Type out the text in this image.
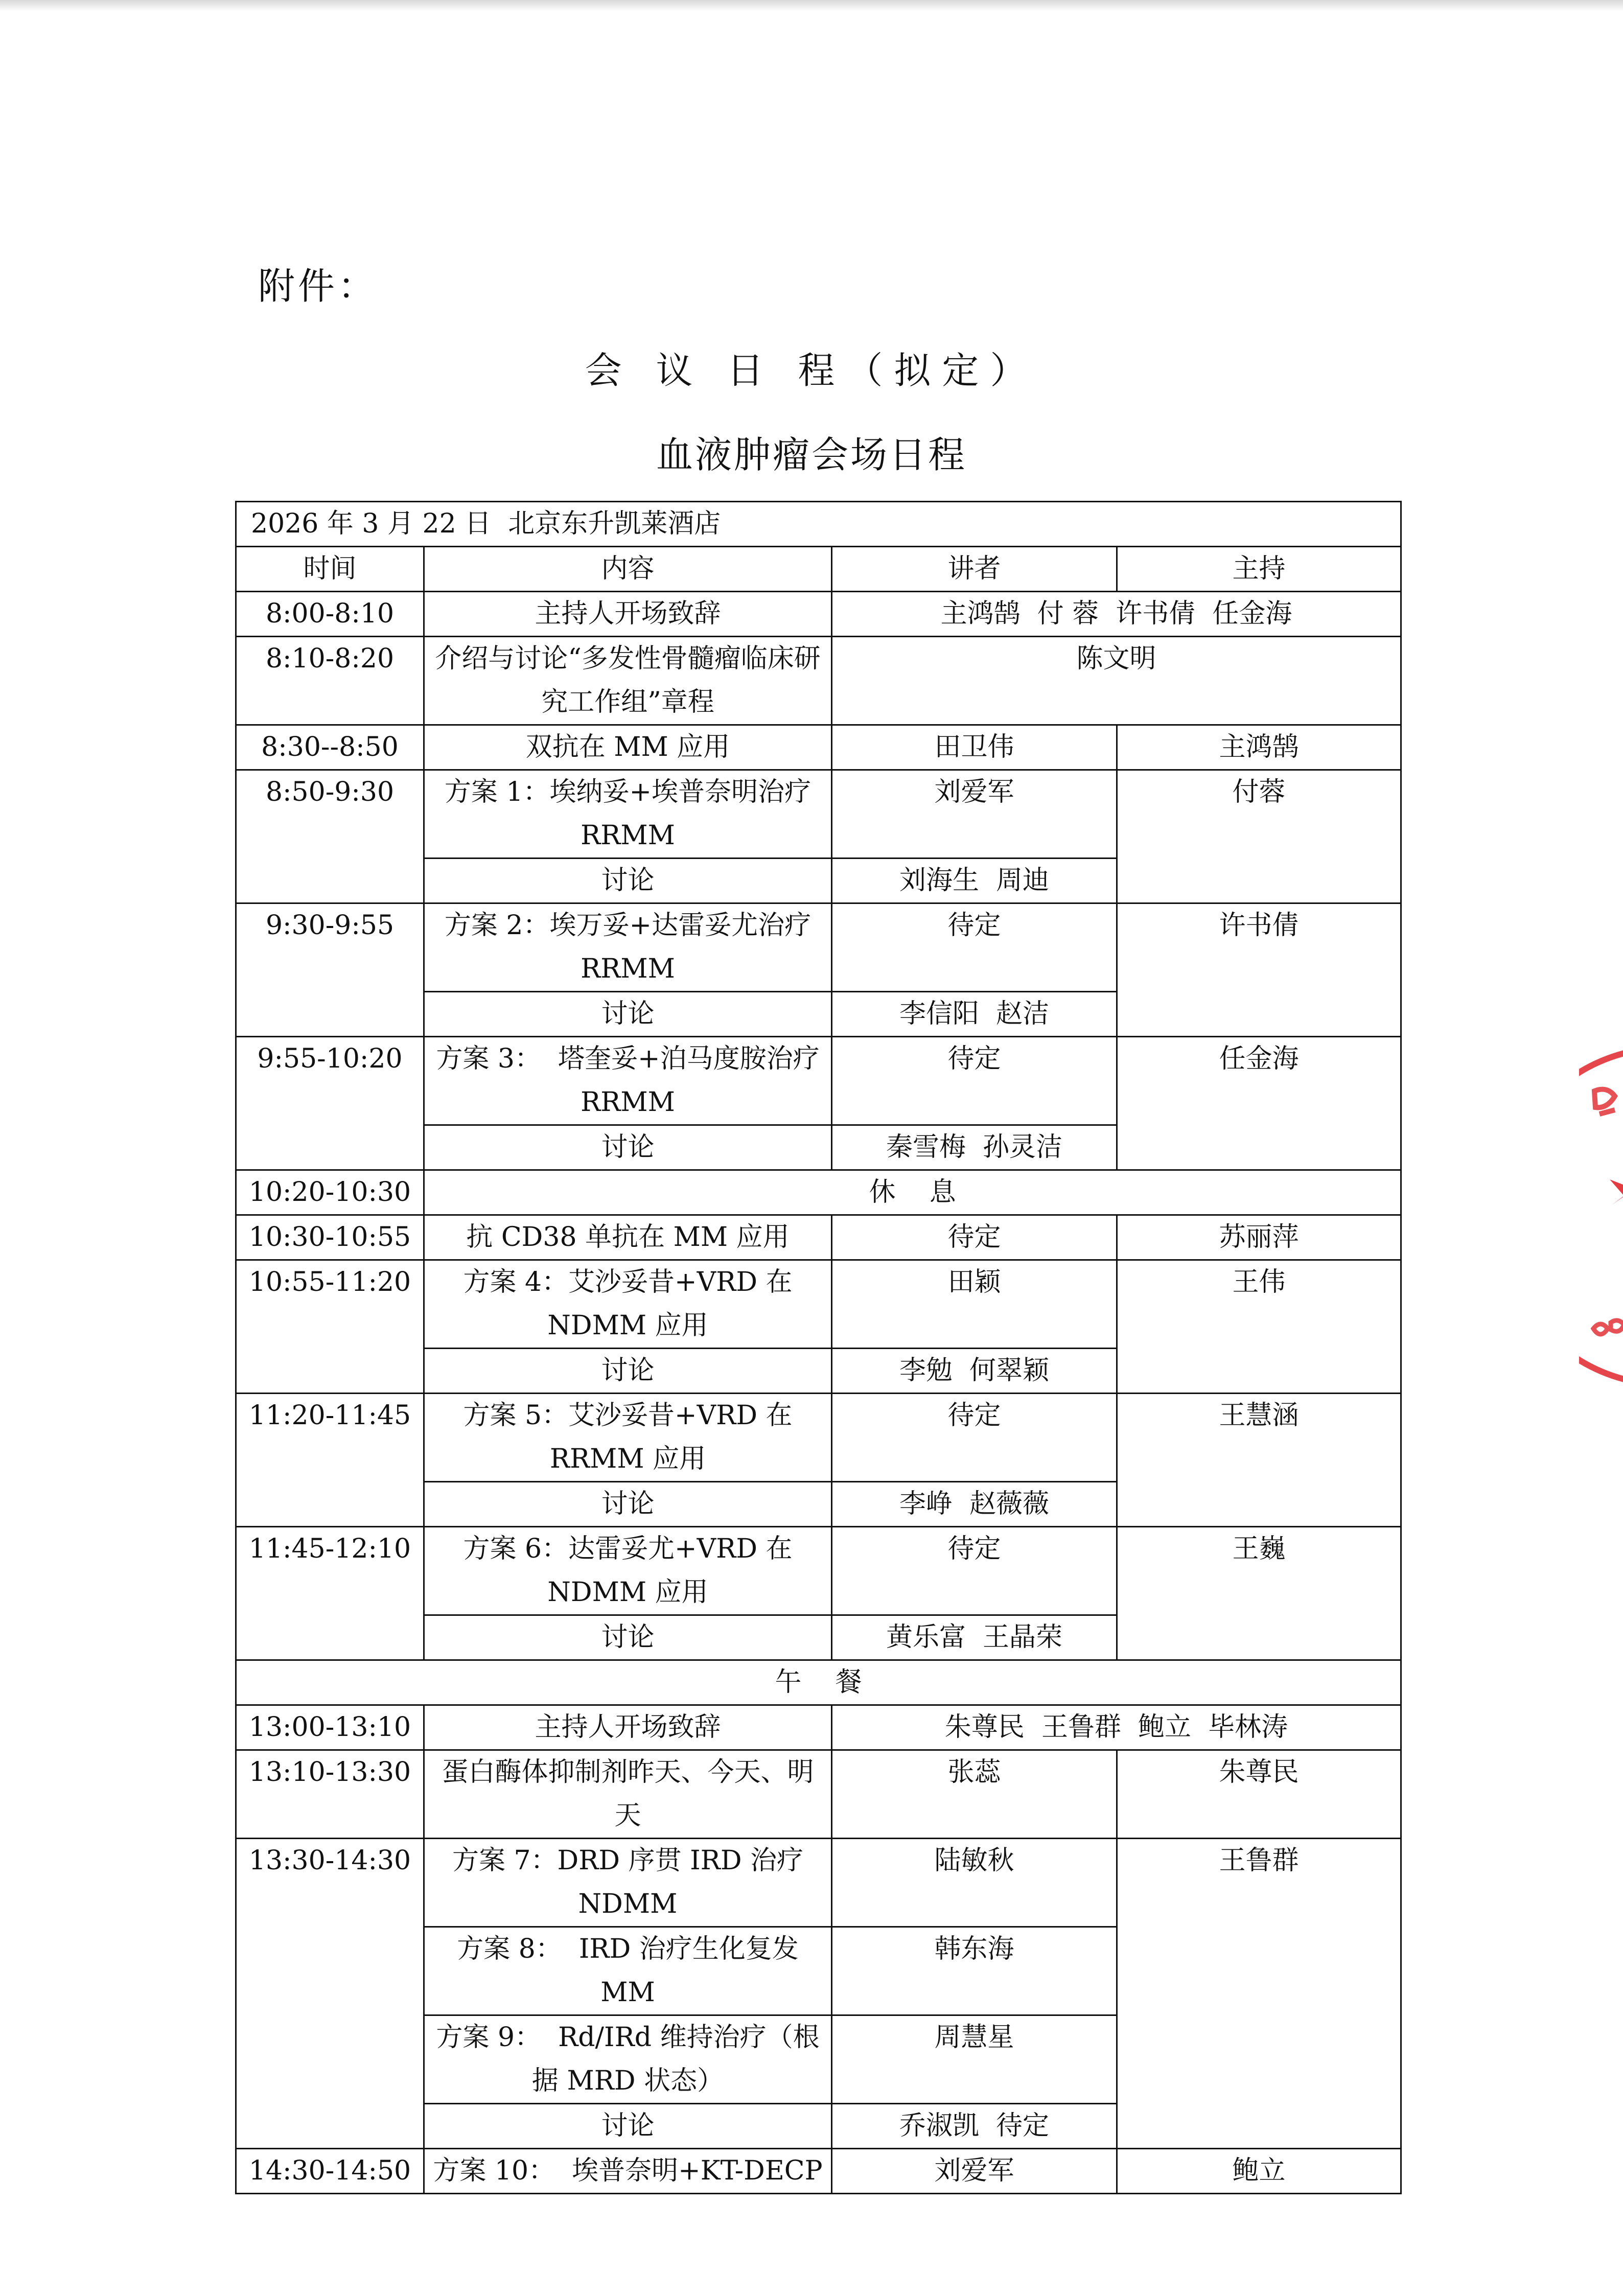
附件：
会 议 日 程（拟定）
血液肿瘤会场日程
2026 年 3 月 22 日  北京东升凯莱酒店			
时间	内容	讲者	主持
8:00-8:10	主持人开场致辞	主鸿鹄  付 蓉  许书倩  任金海	
8:10-8:20	介绍与讨论“多发性骨髓瘤临床研究工作组”章程	陈文明	
8:30--8:50	双抗在 MM 应用	田卫伟	主鸿鹄
8:50-9:30	方案 1：埃纳妥+埃普奈明治疗RRMM	刘爱军	付蓉
	讨论	刘海生  周迪	
9:30-9:55	方案 2：埃万妥+达雷妥尤治疗RRMM	待定	许书倩
	讨论	李信阳  赵洁	
9:55-10:20	方案 3：  塔奎妥+泊马度胺治疗 RRMM	待定	任金海
	讨论	秦雪梅  孙灵洁	
10:20-10:30	休    息		
10:30-10:55	抗 CD38 单抗在 MM 应用	待定	苏丽萍
10:55-11:20	方案 4：艾沙妥昔+VRD 在 NDMM 应用	田颖	王伟
	讨论	李勉  何翠颖	
11:20-11:45	方案 5：艾沙妥昔+VRD 在 RRMM 应用	待定	王慧涵
	讨论	李峥  赵薇薇	
11:45-12:10	方案 6：达雷妥尤+VRD 在 NDMM 应用	待定	王巍
	讨论	黄乐富  王晶荣	
午    餐			
13:00-13:10	主持人开场致辞	朱尊民  王鲁群  鲍立  毕林涛	
13:10-13:30	蛋白酶体抑制剂昨天、今天、明天	张蕊	朱尊民
13:30-14:30	方案 7：DRD 序贯 IRD 治疗 NDMM	陆敏秋	王鲁群
	方案 8：  IRD 治疗生化复发 MM	韩东海	
	方案 9：  Rd/IRd 维持治疗（根据 MRD 状态）	周慧星	
	讨论	乔淑凯  待定	
14:30-14:50	方案 10：  埃普奈明+KT-DECP	刘爱军	鲍立
